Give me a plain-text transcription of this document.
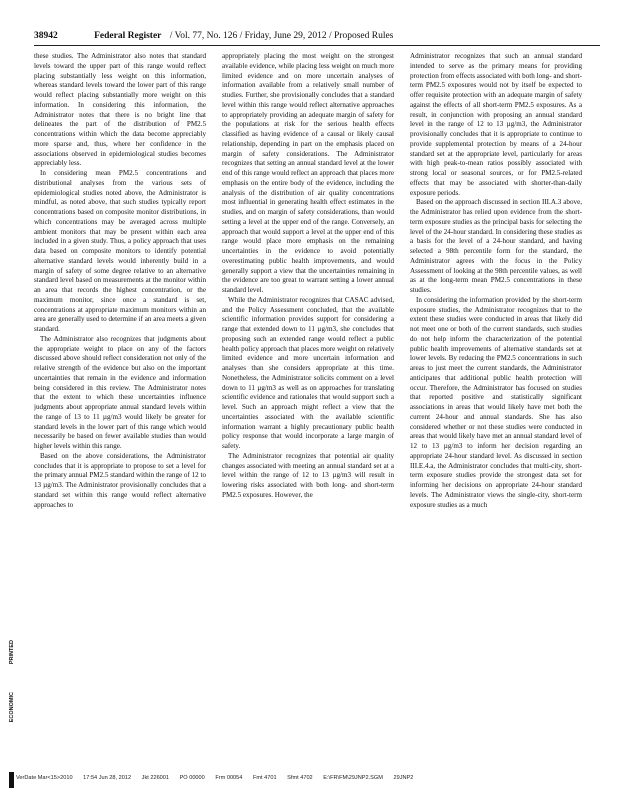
38942	Federal Register / Vol. 77, No. 126 / Friday, June 29, 2012 / Proposed Rules

these studies. The Administrator also notes that standard levels toward the upper part of this range would reflect placing substantially less weight on this information, whereas standard levels toward the lower part of this range would reflect placing substantially more weight on this information. In considering this information, the Administrator notes that there is no bright line that delineates the part of the distribution of PM2.5 concentrations within which the data become appreciably more sparse and, thus, where her confidence in the associations observed in epidemiological studies becomes appreciably less.

In considering mean PM2.5 concentrations and distributional analyses from the various sets of epidemiological studies noted above, the Administrator is mindful, as noted above, that such studies typically report concentrations based on composite monitor distributions, in which concentrations may be averaged across multiple ambient monitors that may be present within each area included in a given study. Thus, a policy approach that uses data based on composite monitors to identify potential alternative standard levels would inherently build in a margin of safety of some degree relative to an alternative standard level based on measurements at the monitor within an area that records the highest concentration, or the maximum monitor, since once a standard is set, concentrations at appropriate maximum monitors within an area are generally used to determine if an area meets a given standard.

The Administrator also recognizes that judgments about the appropriate weight to place on any of the factors discussed above should reflect consideration not only of the relative strength of the evidence but also on the important uncertainties that remain in the evidence and information being considered in this review. The Administrator notes that the extent to which these uncertainties influence judgments about appropriate annual standard levels within the range of 13 to 11 µg/m3 would likely be greater for standard levels in the lower part of this range which would necessarily be based on fewer available studies than would higher levels within this range.

Based on the above considerations, the Administrator concludes that it is appropriate to propose to set a level for the primary annual PM2.5 standard within the range of 12 to 13 µg/m3. The Administrator provisionally concludes that a standard set within this range would reflect alternative approaches to

appropriately placing the most weight on the strongest available evidence, while placing less weight on much more limited evidence and on more uncertain analyses of information available from a relatively small number of studies. Further, she provisionally concludes that a standard level within this range would reflect alternative approaches to appropriately providing an adequate margin of safety for the populations at risk for the serious health effects classified as having evidence of a causal or likely causal relationship, depending in part on the emphasis placed on margin of safety considerations. The Administrator recognizes that setting an annual standard level at the lower end of this range would reflect an approach that places more emphasis on the entire body of the evidence, including the analysis of the distribution of air quality concentrations most influential in generating health effect estimates in the studies, and on margin of safety considerations, than would setting a level at the upper end of the range. Conversely, an approach that would support a level at the upper end of this range would place more emphasis on the remaining uncertainties in the evidence to avoid potentially overestimating public health improvements, and would generally support a view that the uncertainties remaining in the evidence are too great to warrant setting a lower annual standard level.

While the Administrator recognizes that CASAC advised, and the Policy Assessment concluded, that the available scientific information provides support for considering a range that extended down to 11 µg/m3, she concludes that proposing such an extended range would reflect a public health policy approach that places more weight on relatively limited evidence and more uncertain information and analyses than she considers appropriate at this time. Nonetheless, the Administrator solicits comment on a level down to 11 µg/m3 as well as on approaches for translating scientific evidence and rationales that would support such a level. Such an approach might reflect a view that the uncertainties associated with the available scientific information warrant a highly precautionary public health policy response that would incorporate a large margin of safety.

The Administrator recognizes that potential air quality changes associated with meeting an annual standard set at a level within the range of 12 to 13 µg/m3 will result in lowering risks associated with both long- and short-term PM2.5 exposures. However, the

Administrator recognizes that such an annual standard intended to serve as the primary means for providing protection from effects associated with both long- and short-term PM2.5 exposures would not by itself be expected to offer requisite protection with an adequate margin of safety against the effects of all short-term PM2.5 exposures. As a result, in conjunction with proposing an annual standard level in the range of 12 to 13 µg/m3, the Administrator provisionally concludes that it is appropriate to continue to provide supplemental protection by means of a 24-hour standard set at the appropriate level, particularly for areas with high peak-to-mean ratios possibly associated with strong local or seasonal sources, or for PM2.5-related effects that may be associated with shorter-than-daily exposure periods.

Based on the approach discussed in section III.A.3 above, the Administrator has relied upon evidence from the short-term exposure studies as the principal basis for selecting the level of the 24-hour standard. In considering these studies as a basis for the level of a 24-hour standard, and having selected a 98th percentile form for the standard, the Administrator agrees with the focus in the Policy Assessment of looking at the 98th percentile values, as well as at the long-term mean PM2.5 concentrations in these studies.

In considering the information provided by the short-term exposure studies, the Administrator recognizes that to the extent these studies were conducted in areas that likely did not meet one or both of the current standards, such studies do not help inform the characterization of the potential public health improvements of alternative standards set at lower levels. By reducing the PM2.5 concentrations in such areas to just meet the current standards, the Administrator anticipates that additional public health protection will occur. Therefore, the Administrator has focused on studies that reported positive and statistically significant associations in areas that would likely have met both the current 24-hour and annual standards. She has also considered whether or not these studies were conducted in areas that would likely have met an annual standard level of 12 to 13 µg/m3 to inform her decision regarding an appropriate 24-hour standard level. As discussed in section III.E.4.a, the Administrator concludes that multi-city, short-term exposure studies provide the strongest data set for informing her decisions on appropriate 24-hour standard levels. The Administrator views the single-city, short-term exposure studies as a much

PRINTED
ECONOMIC
VerDate Mar<15>2010 17:54 Jun 28, 2012 Jkt 226001 PO 00000 Frm 00054 Fmt 4701 Sfmt 4702 E:\FR\FM\29JNP2.SGM 29JNP2
